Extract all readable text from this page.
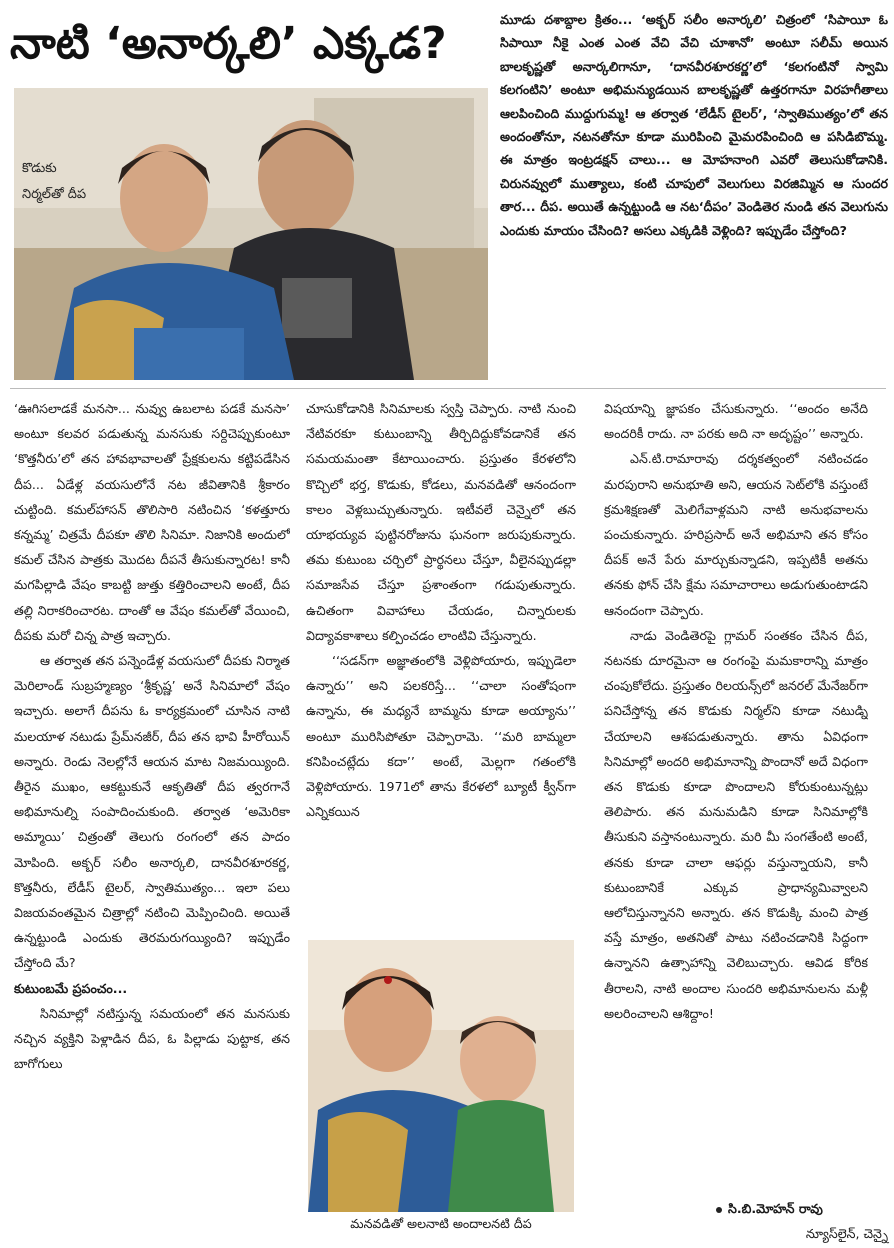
నాటి ‘అనార్కలి’ ఎక్కడ?
కొడుకు
నిర్మల్‌తో దీప

మూడు దశాబ్దాల క్రితం... ‘అక్బర్ సలీం అనార్కలి’ చిత్రంలో ‘సిపాయీ ఓ సిపాయీ నీకై ఎంత ఎంత వేచి వేచి చూశానో’ అంటూ సలీమ్ అయిన బాలకృష్ణతో అనార్కలిగానూ, ‘దానవీరశూరకర్ణ’లో ‘కలగంటినో స్వామి కలగంటిని’ అంటూ అభిమన్యుడయిన బాలకృష్ణతో ఉత్తరగానూ విరహగీతాలు ఆలపించింది ముద్దుగుమ్మ! ఆ తర్వాత ‘లేడీస్ టైలర్’, ‘స్వాతిముత్యం’లో తన అందంతోనూ, నటనతోనూ కూడా మురిపించి మైమరపించింది ఆ పసిడిబొమ్మ. ఈ మాత్రం ఇంట్రడక్షన్ చాలు... ఆ మోహనాంగి ఎవరో తెలుసుకోడానికి. చిరునవ్వులో ముత్యాలు, కంటి చూపులో వెలుగులు విరజిమ్మిన ఆ సుందర తార... దీప. అయితే ఉన్నట్టుండి ఆ నట‘దీపం’ వెండితెర నుండి తన వెలుగును ఎందుకు మాయం చేసింది? అసలు ఎక్కడికి వెళ్లింది? ఇప్పుడేం చేస్తోంది?

‘ఊగిసలాడకే మనసా... నువ్వు ఉబలాట పడకే మనసా’ అంటూ కలవర పడుతున్న మనసుకు సర్దిచెప్పుకుంటూ ‘కొత్తనీరు’లో తన హావభావాలతో ప్రేక్షకులను కట్టిపడేసిన దీప... ఏడేళ్ల వయసులోనే నట జీవితానికి శ్రీకారం చుట్టింది. కమల్‌హాసన్ తొలిసారి నటించిన ‘కళత్తూరు కన్నమ్మ’ చిత్రమే దీపకూ తొలి సినిమా. నిజానికి అందులో కమల్ చేసిన పాత్రకు మొదట దీపనే తీసుకున్నారట! కానీ మగపిల్లాడి వేషం కాబట్టి జుత్తు కత్తిరించాలని అంటే, దీప తల్లి నిరాకరించారట. దాంతో ఆ వేషం కమల్‌తో వేయించి, దీపకు మరో చిన్న పాత్ర ఇచ్చారు.

ఆ తర్వాత తన పన్నెండేళ్ల వయసులో దీపకు నిర్మాత మెరిలాండ్ సుబ్రహ్మణ్యం ‘శ్రీకృష్ణ’ అనే సినిమాలో వేషం ఇచ్చారు. అలాగే దీపను ఓ కార్యక్రమంలో చూసిన నాటి మలయాళ నటుడు ప్రేమ్‌నజీర్, దీప తన భావి హీరోయిన్ అన్నారు. రెండు నెలల్లోనే ఆయన మాట నిజమయ్యింది. తీరైన ముఖం, ఆకట్టుకునే ఆకృతితో దీప త్వరగానే అభిమానుల్ని సంపాదించుకుంది. తర్వాత ‘అమెరికా అమ్మాయి’ చిత్రంతో తెలుగు రంగంలో తన పాదం మోపింది. అక్బర్ సలీం అనార్కలి, దానవీరశూరకర్ణ, కొత్తనీరు, లేడీస్ టైలర్, స్వాతిముత్యం... ఇలా పలు విజయవంతమైన చిత్రాల్లో నటించి మెప్పించింది. అయితే ఉన్నట్టుండి ఎందుకు తెరమరుగయ్యింది? ఇప్పుడేం చేస్తోంది మే?

కుటుంబమే ప్రపంచం...

సినిమాల్లో నటిస్తున్న సమయంలో తన మనసుకు నచ్చిన వ్యక్తిని పెళ్లాడిన దీప, ఓ పిల్లాడు పుట్టాక, తన బాగోగులు

చూసుకోడానికి సినిమాలకు స్వస్తి చెప్పారు. నాటి నుంచి నేటివరకూ కుటుంబాన్ని తీర్చిదిద్దుకోవడానికే తన సమయమంతా కేటాయించారు. ప్రస్తుతం కేరళలోని కొచ్చిలో భర్త, కొడుకు, కోడలు, మనవడితో ఆనందంగా కాలం వెళ్లబుచ్చుతున్నారు. ఇటీవలే చెన్నైలో తన యాభయ్యవ పుట్టినరోజును ఘనంగా జరుపుకున్నారు. తమ కుటుంబ చర్చిలో ప్రార్థనలు చేస్తూ, వీలైనప్పుడల్లా సమాజసేవ చేస్తూ ప్రశాంతంగా గడుపుతున్నారు. ఉచితంగా వివాహాలు చేయడం, చిన్నారులకు విద్యావకాశాలు కల్పించడం లాంటివి చేస్తున్నారు.

‘‘సడన్‌గా అజ్ఞాతంలోకి వెళ్లిపోయారు, ఇప్పుడెలా ఉన్నారు’’ అని పలకరిస్తే... ‘‘చాలా సంతోషంగా ఉన్నాను, ఈ మధ్యనే బామ్మను కూడా అయ్యాను’’ అంటూ మురిసిపోతూ చెప్పారామె. ‘‘మరి బామ్మలా కనిపించట్లేదు కదా’’ అంటే, మెల్లగా గతంలోకి వెళ్లిపోయారు. 1971లో తాను కేరళలో బ్యూటీ క్వీన్‌గా ఎన్నికయిన

మనవడితో అలనాటి అందాలనటి దీప

విషయాన్ని జ్ఞాపకం చేసుకున్నారు. ‘‘అందం అనేది అందరికీ రాదు. నా పరకు అది నా అదృష్టం’’ అన్నారు.

ఎన్.టి.రామారావు దర్శకత్వంలో నటించడం మరపురాని అనుభూతి అని, ఆయన సెట్‌లోకి వస్తుంటే క్రమశిక్షణతో మెలిగేవాళ్లమని నాటి అనుభవాలను పంచుకున్నారు. హరిప్రసాద్ అనే అభిమాని తన కోసం దీపక్ అనే పేరు మార్చుకున్నాడని, ఇప్పటికీ అతను తనకు ఫోన్ చేసి క్షేమ సమాచారాలు అడుగుతుంటాడని ఆనందంగా చెప్పారు.

నాడు వెండితెరపై గ్లామర్ సంతకం చేసిన దీప, నటనకు దూరమైనా ఆ రంగంపై మమకారాన్ని మాత్రం చంపుకోలేదు. ప్రస్తుతం రిలయన్స్‌లో జనరల్ మేనేజర్‌గా పనిచేస్తోన్న తన కొడుకు నిర్మల్‌ని కూడా నటుడ్ని చేయాలని ఆశపడుతున్నారు. తాను ఏవిధంగా సినిమాల్లో అందరి అభిమానాన్ని పొందానో అదే విధంగా తన కొడుకు కూడా పొందాలని కోరుకుంటున్నట్లు తెలిపారు. తన మనుమడిని కూడా సినిమాల్లోకి తీసుకుని వస్తానంటున్నారు. మరి మీ సంగతేంటి అంటే, తనకు కూడా చాలా ఆఫర్లు వస్తున్నాయని, కానీ కుటుంబానికే ఎక్కువ ప్రాధాన్యమివ్వాలని ఆలోచిస్తున్నానని అన్నారు. తన కొడుక్కి మంచి పాత్ర వస్తే మాత్రం, అతనితో పాటు నటించడానికి సిద్ధంగా ఉన్నానని ఉత్సాహాన్ని వెలిబుచ్చారు. ఆవిడ కోరిక తీరాలని, నాటి అందాల సుందరి అభిమానులను మళ్లీ అలరించాలని ఆశిద్దాం!

సి.బి.మోహన్ రావు
న్యూస్‌లైన్, చెన్నై
